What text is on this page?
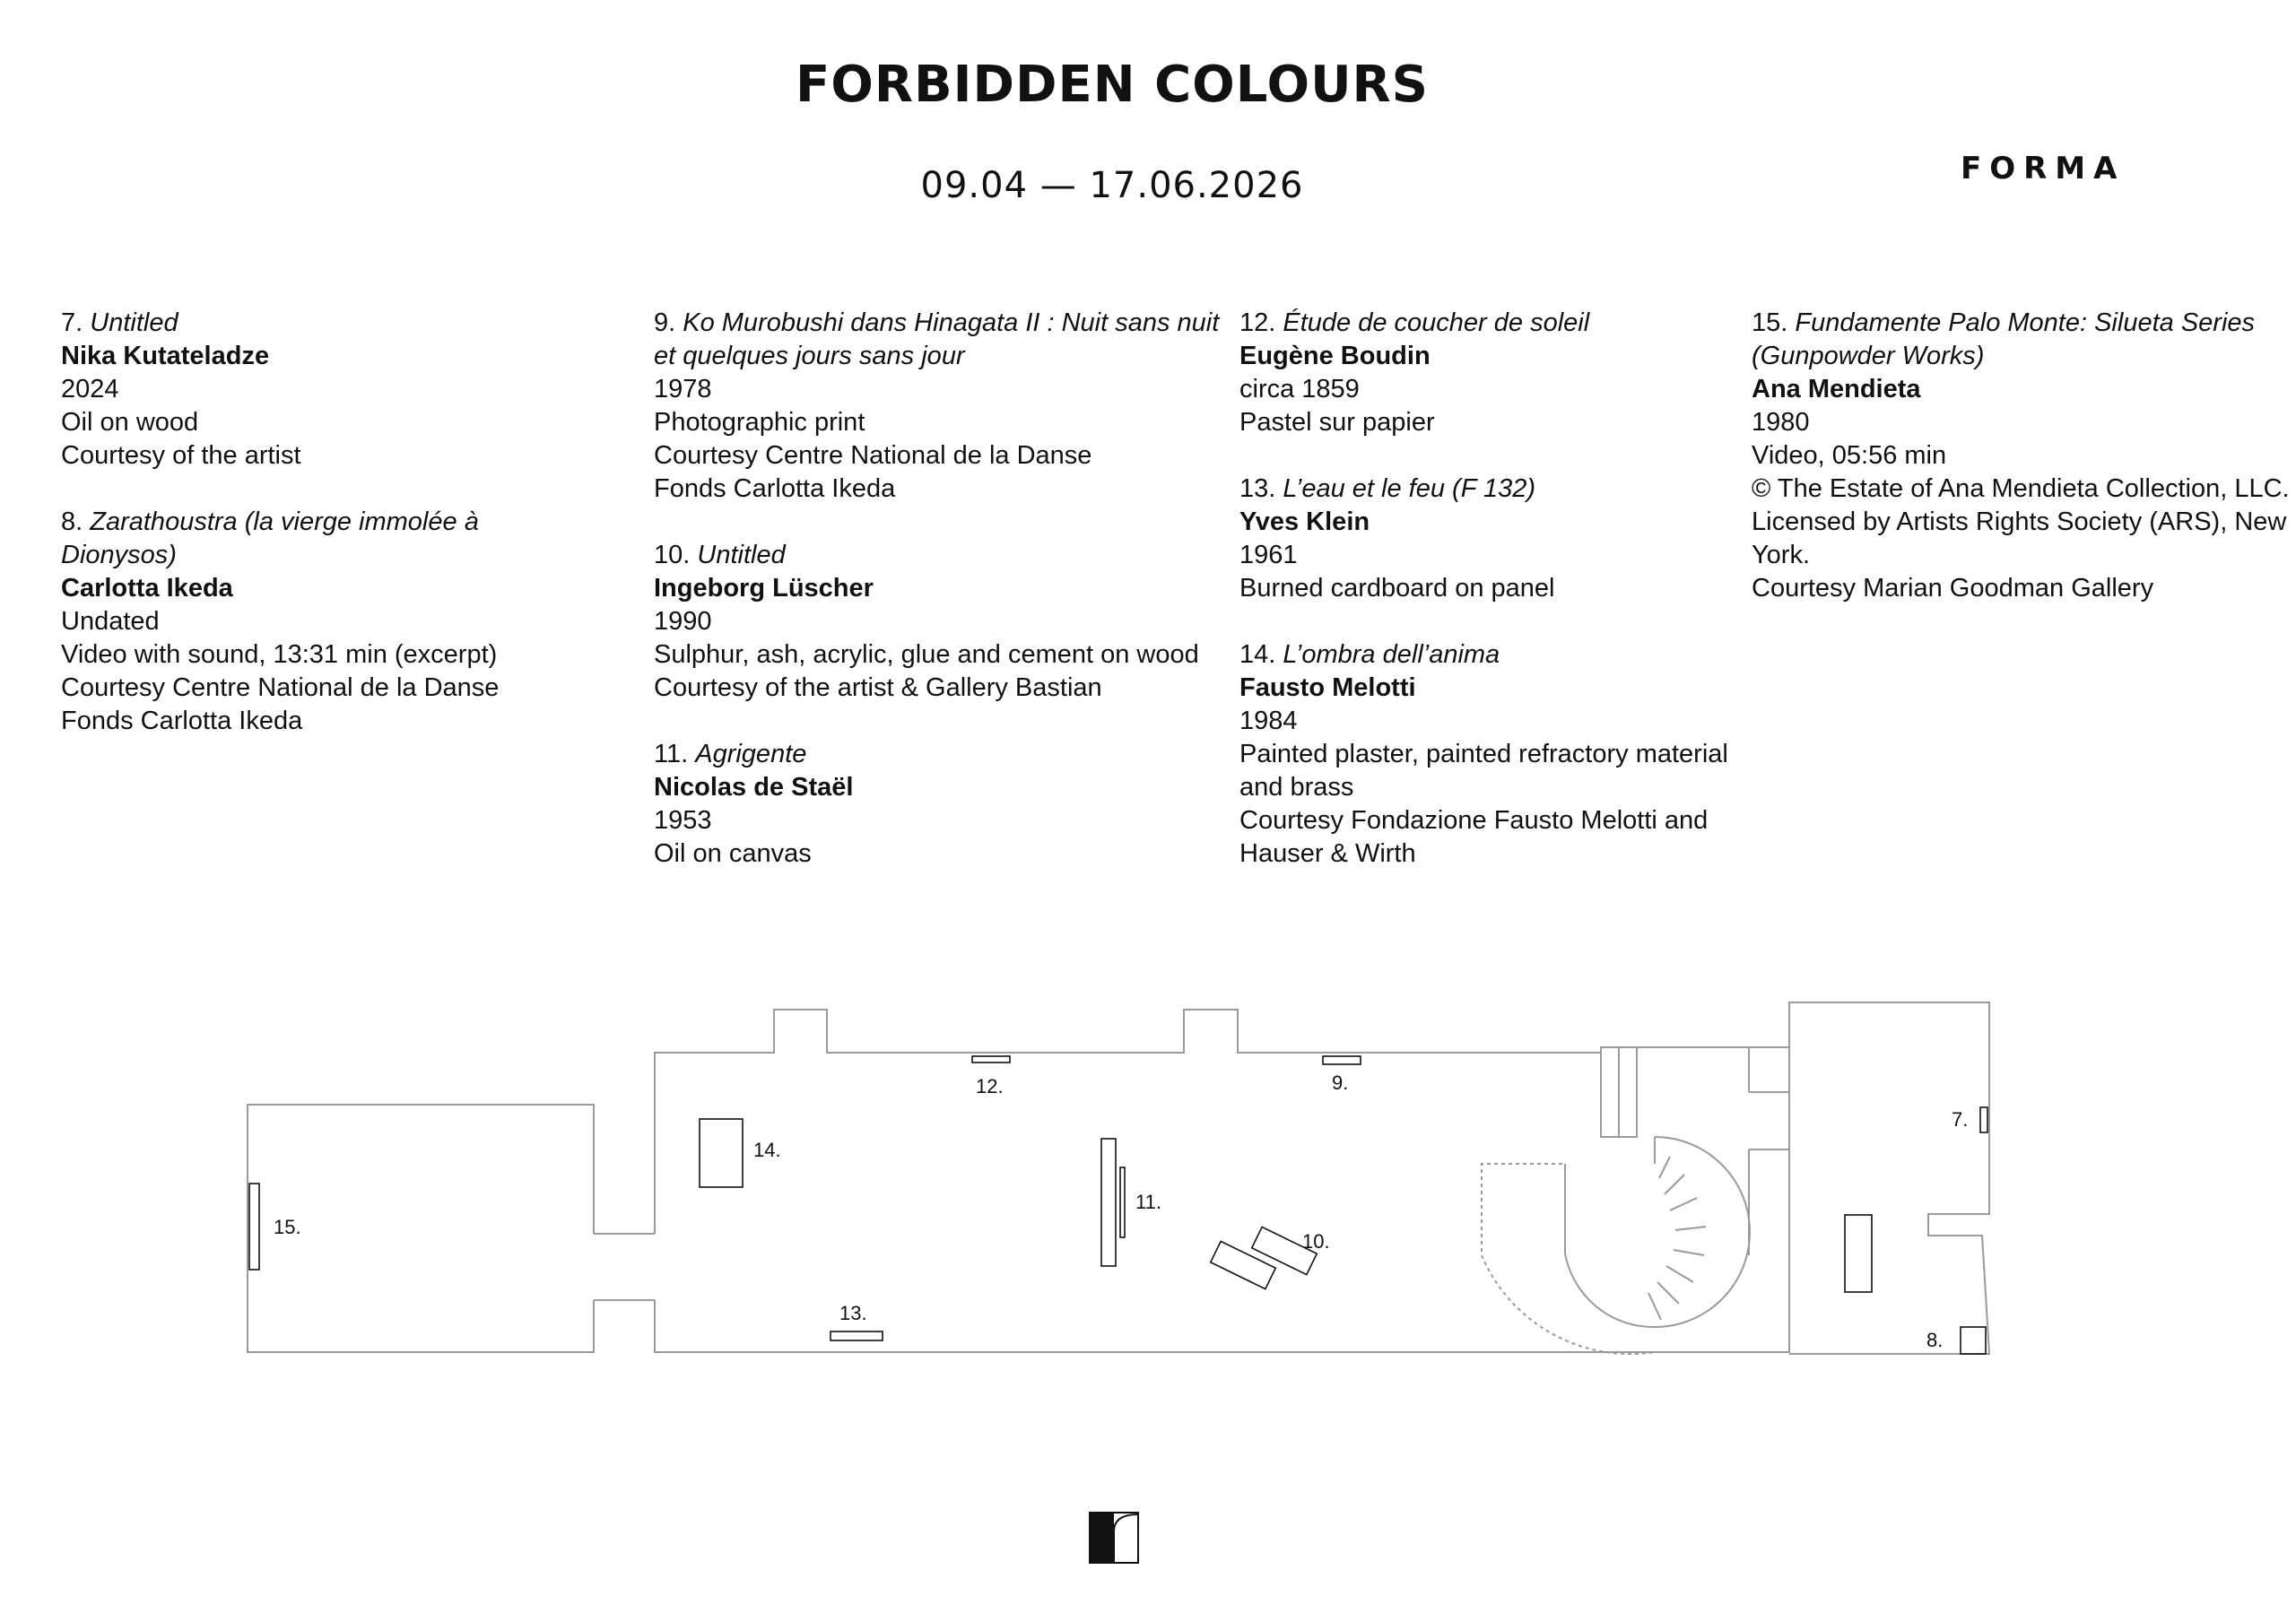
FORBIDDEN COLOURS
09.04 — 17.06.2026	FORMA
7. Untitled
Nika Kutateladze
2024
Oil on wood
Courtesy of the artist
8. Zarathoustra (la vierge immolée à Dionysos)
Carlotta Ikeda
Undated
Video with sound, 13:31 min (excerpt)
Courtesy Centre National de la Danse
Fonds Carlotta Ikeda
9. Ko Murobushi dans Hinagata II : Nuit sans nuit et quelques jours sans jour
1978
Photographic print
Courtesy Centre National de la Danse
Fonds Carlotta Ikeda
10. Untitled
Ingeborg Lüscher
1990
Sulphur, ash, acrylic, glue and cement on wood
Courtesy of the artist & Gallery Bastian
11. Agrigente
Nicolas de Staël
1953
Oil on canvas
12. Étude de coucher de soleil
Eugène Boudin
circa 1859
Pastel sur papier
13. L’eau et le feu (F 132)
Yves Klein
1961
Burned cardboard on panel
14. L’ombra dell’anima
Fausto Melotti
1984
Painted plaster, painted refractory material and brass
Courtesy Fondazione Fausto Melotti and Hauser & Wirth
15. Fundamente Palo Monte: Silueta Series (Gunpowder Works)
Ana Mendieta
1980
Video, 05:56 min
© The Estate of Ana Mendieta Collection, LLC. Licensed by Artists Rights Society (ARS), New York.
Courtesy Marian Goodman Gallery
15.
14.
12.	9.
11.
10.
13.
7.
8.
